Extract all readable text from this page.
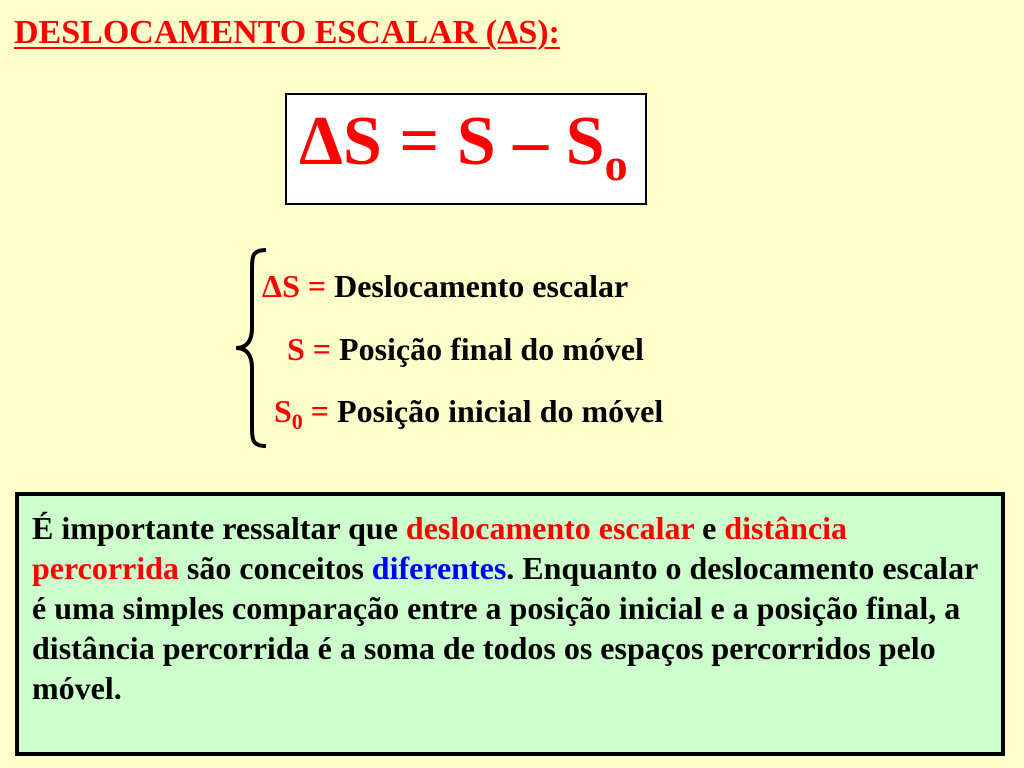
DESLOCAMENTO ESCALAR (ΔS):
$\Delta S = S - S_o$
ΔS = Deslocamento escalar
S = Posição final do móvel
$S_0$ = Posição inicial do móvel
É importante ressaltar que deslocamento escalar e distância percorrida são conceitos diferentes. Enquanto o deslocamento escalar é uma simples comparação entre a posição inicial e a posição final, a distância percorrida é a soma de todos os espaços percorridos pelo móvel.
